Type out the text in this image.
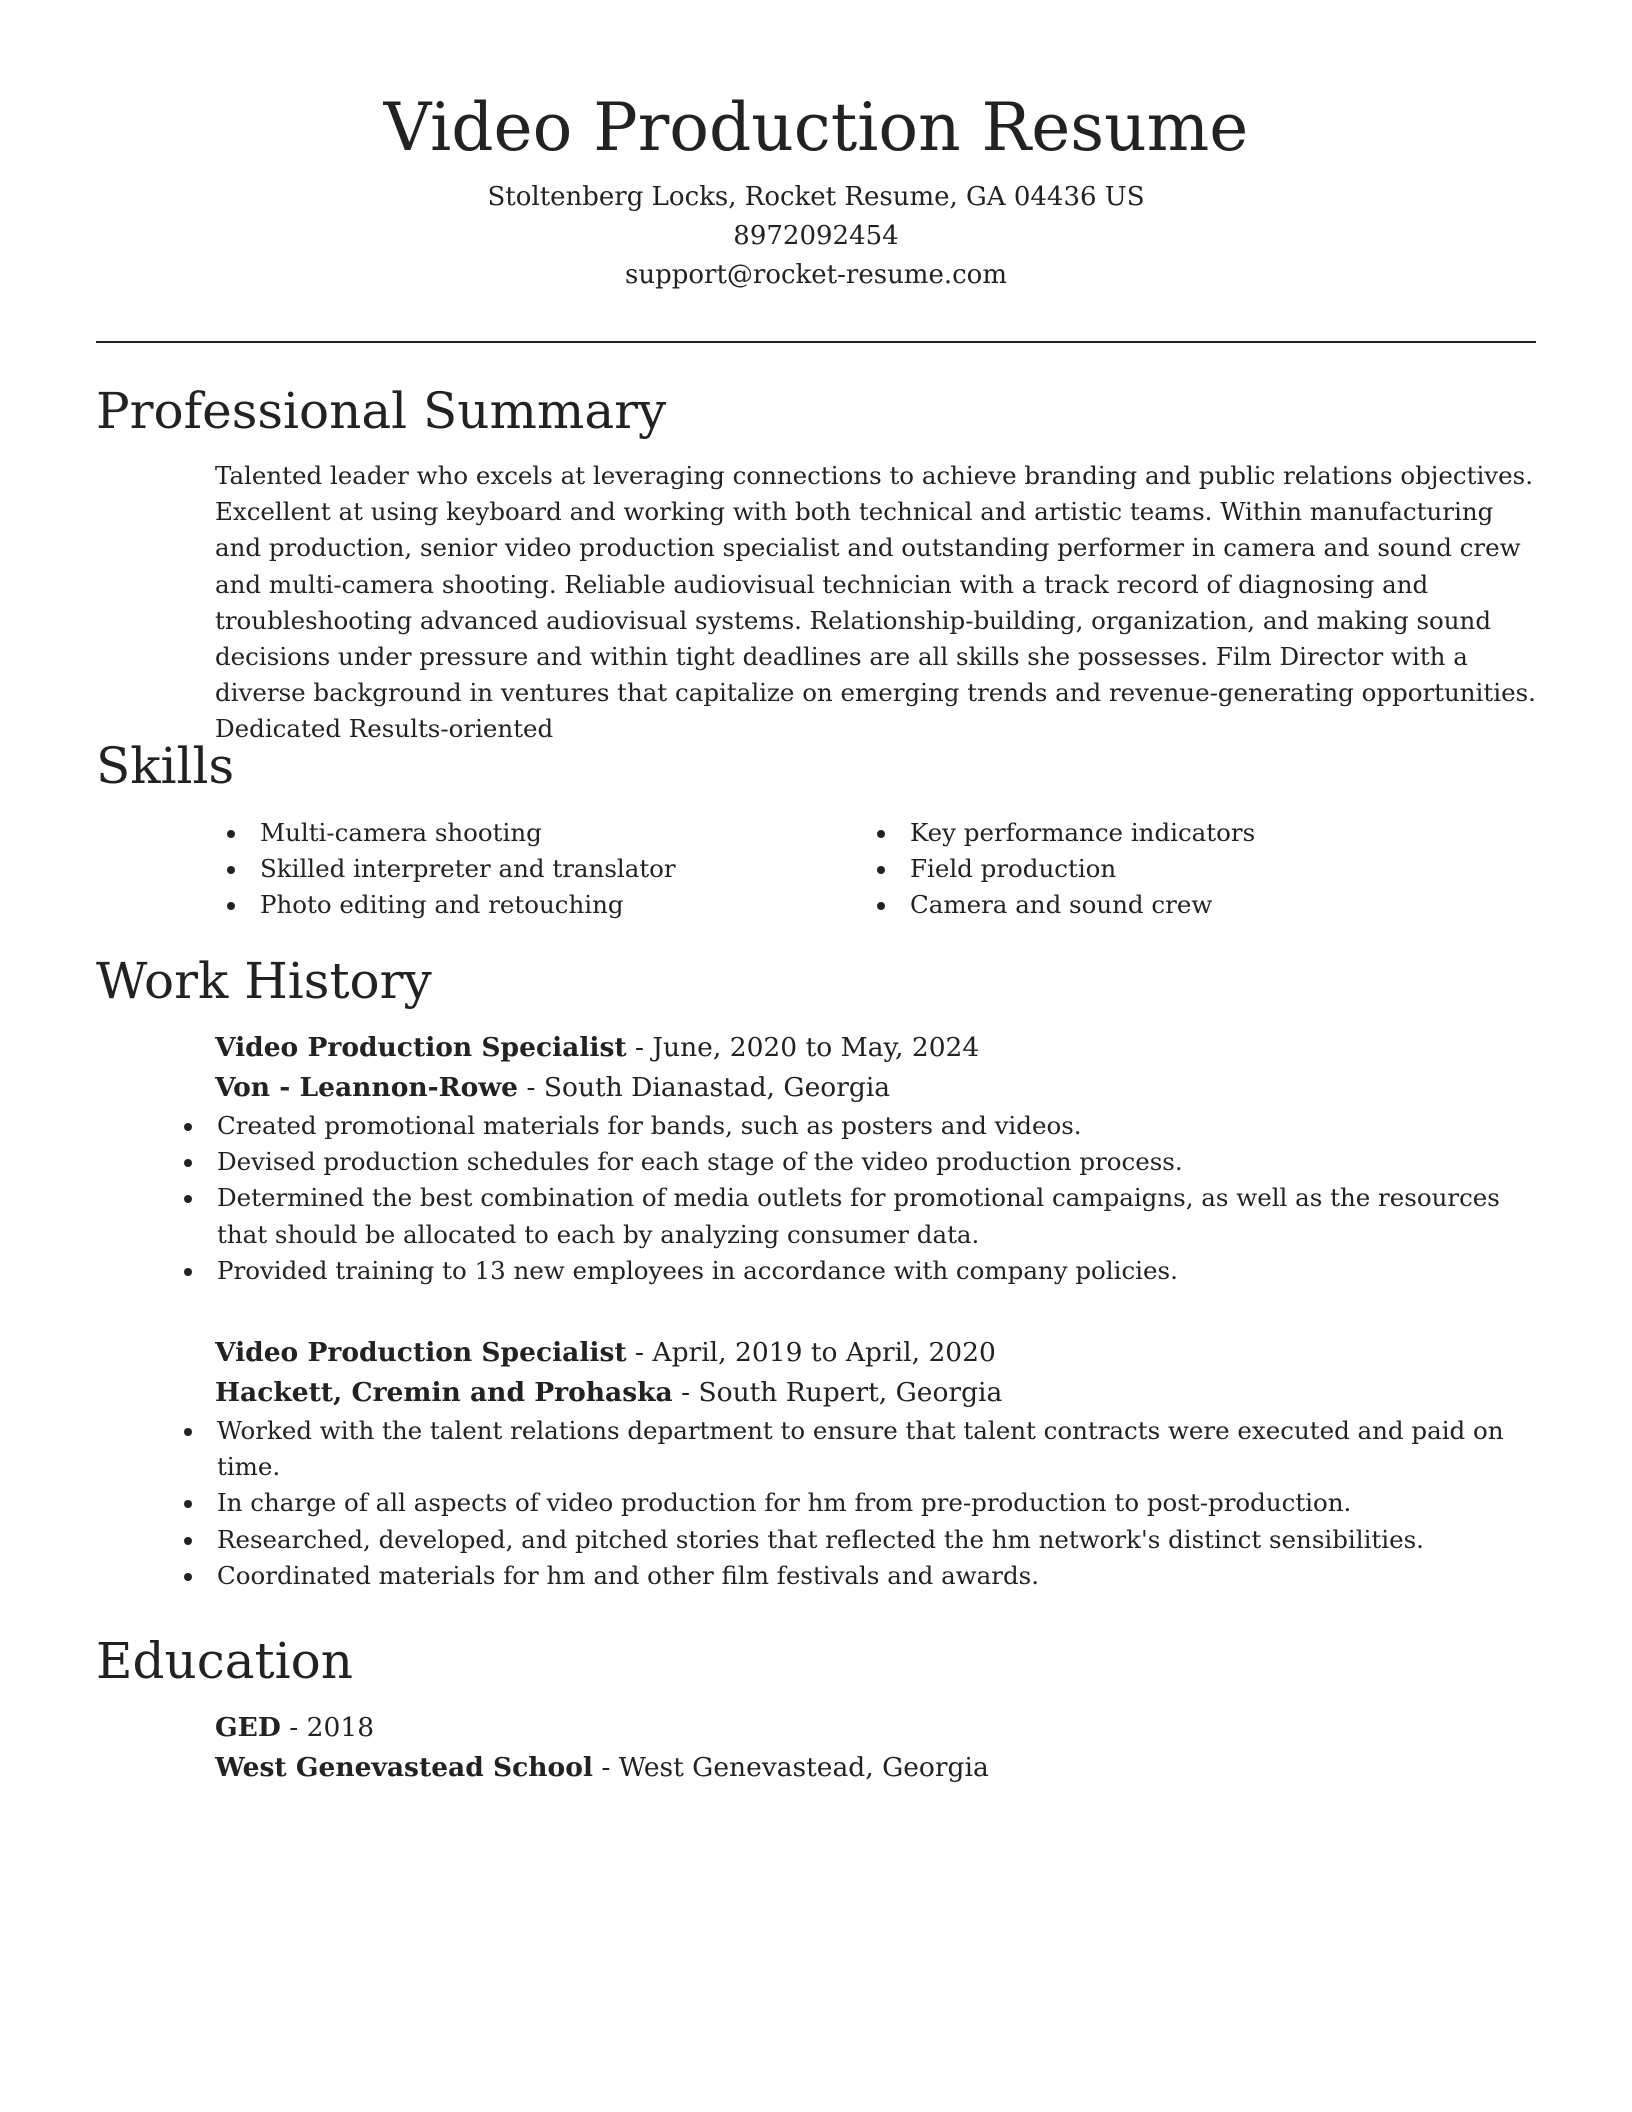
Video Production Resume
Stoltenberg Locks, Rocket Resume, GA 04436 US
8972092454
support@rocket-resume.com
Professional Summary
Talented leader who excels at leveraging connections to achieve branding and public relations objectives. Excellent at using keyboard and working with both technical and artistic teams. Within manufacturing and production, senior video production specialist and outstanding performer in camera and sound crew and multi-camera shooting. Reliable audiovisual technician with a track record of diagnosing and troubleshooting advanced audiovisual systems. Relationship-building, organization, and making sound decisions under pressure and within tight deadlines are all skills she possesses. Film Director with a diverse background in ventures that capitalize on emerging trends and revenue-generating opportunities. Dedicated Results-oriented
Skills
Multi-camera shooting
Skilled interpreter and translator
Photo editing and retouching
Key performance indicators
Field production
Camera and sound crew
Work History
Video Production Specialist - June, 2020 to May, 2024
Von - Leannon-Rowe - South Dianastad, Georgia
Created promotional materials for bands, such as posters and videos.
Devised production schedules for each stage of the video production process.
Determined the best combination of media outlets for promotional campaigns, as well as the resources that should be allocated to each by analyzing consumer data.
Provided training to 13 new employees in accordance with company policies.
Video Production Specialist - April, 2019 to April, 2020
Hackett, Cremin and Prohaska - South Rupert, Georgia
Worked with the talent relations department to ensure that talent contracts were executed and paid on time.
In charge of all aspects of video production for hm from pre-production to post-production.
Researched, developed, and pitched stories that reflected the hm network's distinct sensibilities.
Coordinated materials for hm and other film festivals and awards.
Education
GED - 2018
West Genevastead School - West Genevastead, Georgia
